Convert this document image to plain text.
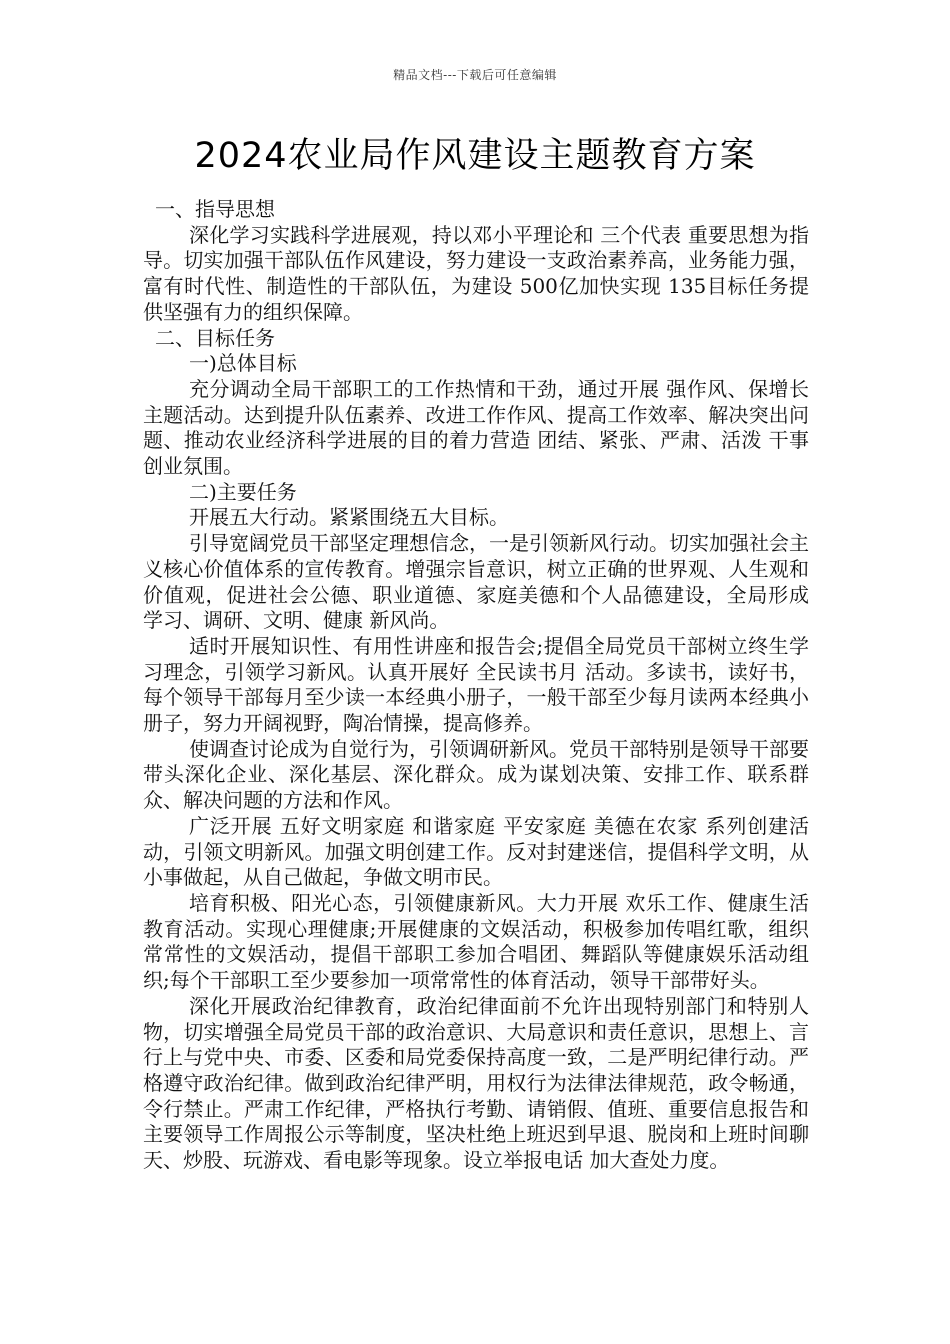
精品文档---下载后可任意编辑
2024农业局作风建设主题教育方案

一、指导思想

深化学习实践科学进展观，持以邓小平理论和 三个代表 重要思想为指导。切实加强干部队伍作风建设，努力建设一支政治素养高，业务能力强，富有时代性、制造性的干部队伍，为建设 500亿加快实现 135目标任务提供坚强有力的组织保障。

二、目标任务

一)总体目标

充分调动全局干部职工的工作热情和干劲，通过开展 强作风、保增长 主题活动。达到提升队伍素养、改进工作作风、提高工作效率、解决突出问题、推动农业经济科学进展的目的着力营造 团结、紧张、严肃、活泼 干事创业氛围。

二)主要任务

开展五大行动。紧紧围绕五大目标。

引导宽阔党员干部坚定理想信念，一是引领新风行动。切实加强社会主义核心价值体系的宣传教育。增强宗旨意识，树立正确的世界观、人生观和价值观，促进社会公德、职业道德、家庭美德和个人品德建设，全局形成 学习、调研、文明、健康 新风尚。

适时开展知识性、有用性讲座和报告会;提倡全局党员干部树立终生学习理念，引领学习新风。认真开展好 全民读书月 活动。多读书，读好书，每个领导干部每月至少读一本经典小册子，一般干部至少每月读两本经典小册子，努力开阔视野，陶冶情操，提高修养。

使调查讨论成为自觉行为，引领调研新风。党员干部特别是领导干部要带头深化企业、深化基层、深化群众。成为谋划决策、安排工作、联系群众、解决问题的方法和作风。

广泛开展 五好文明家庭 和谐家庭 平安家庭 美德在农家 系列创建活动，引领文明新风。加强文明创建工作。反对封建迷信，提倡科学文明，从小事做起，从自己做起，争做文明市民。

培育积极、阳光心态，引领健康新风。大力开展 欢乐工作、健康生活 教育活动。实现心理健康;开展健康的文娱活动，积极参加传唱红歌，组织常常性的文娱活动，提倡干部职工参加合唱团、舞蹈队等健康娱乐活动组织;每个干部职工至少要参加一项常常性的体育活动，领导干部带好头。

深化开展政治纪律教育，政治纪律面前不允许出现特别部门和特别人物，切实增强全局党员干部的政治意识、大局意识和责任意识，思想上、言行上与党中央、市委、区委和局党委保持高度一致，二是严明纪律行动。严格遵守政治纪律。做到政治纪律严明，用权行为法律法律规范，政令畅通，令行禁止。严肃工作纪律，严格执行考勤、请销假、值班、重要信息报告和主要领导工作周报公示等制度，坚决杜绝上班迟到早退、脱岗和上班时间聊天、炒股、玩游戏、看电影等现象。设立举报电话 加大查处力度。
